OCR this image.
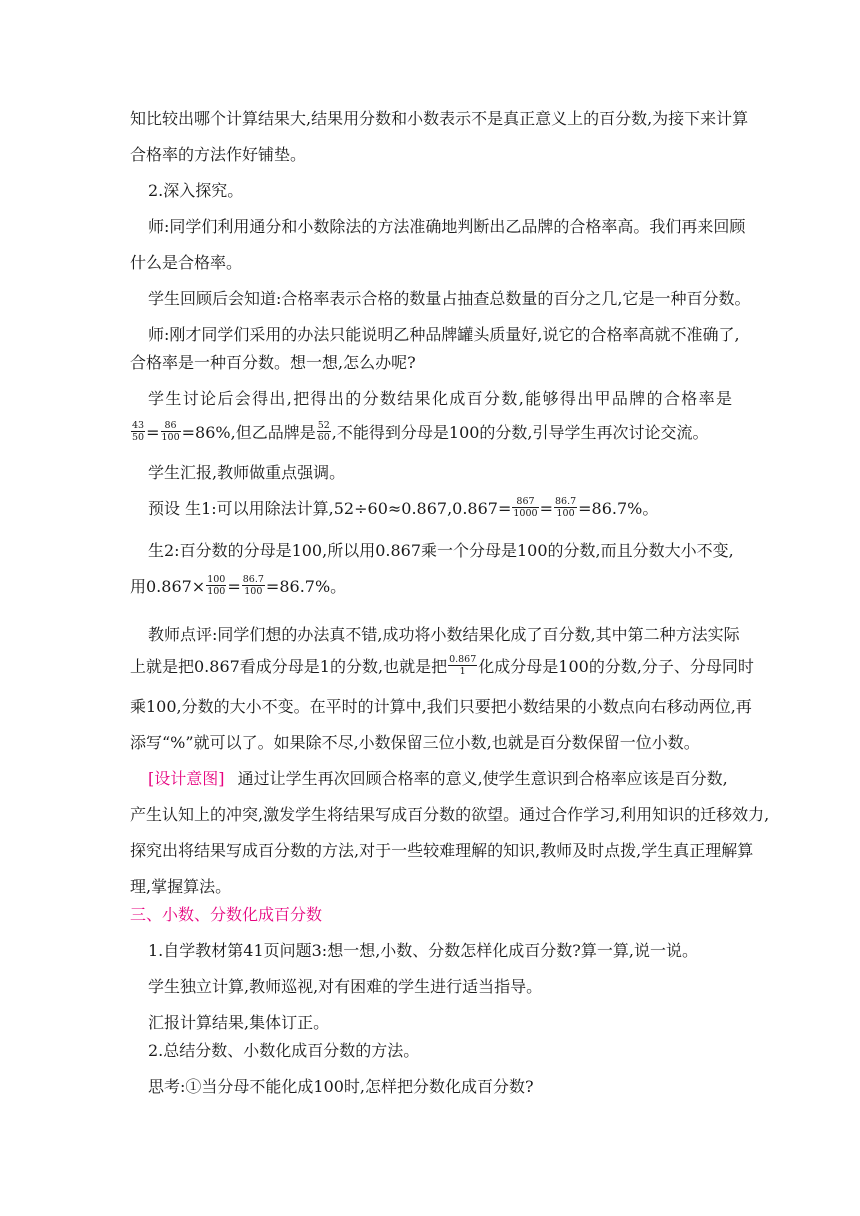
知比较出哪个计算结果大,结果用分数和小数表示不是真正意义上的百分数,为接下来计算
合格率的方法作好铺垫。
2.深入探究。
师:同学们利用通分和小数除法的方法准确地判断出乙品牌的合格率高。我们再来回顾
什么是合格率。
学生回顾后会知道:合格率表示合格的数量占抽查总数量的百分之几,它是一种百分数。
师:刚才同学们采用的办法只能说明乙种品牌罐头质量好,说它的合格率高就不准确了,
合格率是一种百分数。想一想,怎么办呢?
学生讨论后会得出,把得出的分数结果化成百分数,能够得出甲品牌的合格率是
$\frac{43}{50} = \frac{86}{100} =86\%$,但乙品牌是 $\frac{52}{60}$ ,不能得到分母是100的分数,引导学生再次讨论交流。
学生汇报,教师做重点强调。
预设 生1:可以用除法计算$,52\div 60\approx 0.867,0.867= \frac{867}{1000} = \frac{86.7}{100} =86.7\%$。
生2:百分数的分母是100,所以用0.867乘一个分母是100的分数,而且分数大小不变,
用$0.867\times \frac{100}{100} = \frac{86.7}{100} =86.7\%$。
教师点评:同学们想的办法真不错,成功将小数结果化成了百分数,其中第二种方法实际
上就是把0.867看成分母是1的分数,也就是把 $\frac{0.867}{1}$ 化成分母是100的分数,分子、分母同时
乘100,分数的大小不变。在平时的计算中,我们只要把小数结果的小数点向右移动两位,再
添写“%”就可以了。如果除不尽,小数保留三位小数,也就是百分数保留一位小数。
[设计意图] 通过让学生再次回顾合格率的意义,使学生意识到合格率应该是百分数,
产生认知上的冲突,激发学生将结果写成百分数的欲望。通过合作学习,利用知识的迁移效力,
探究出将结果写成百分数的方法,对于一些较难理解的知识,教师及时点拨,学生真正理解算
理,掌握算法。
三、小数、分数化成百分数
1.自学教材第41页问题3:想一想,小数、分数怎样化成百分数?算一算,说一说。
学生独立计算,教师巡视,对有困难的学生进行适当指导。
汇报计算结果,集体订正。
2.总结分数、小数化成百分数的方法。
思考:①当分母不能化成100时,怎样把分数化成百分数?
